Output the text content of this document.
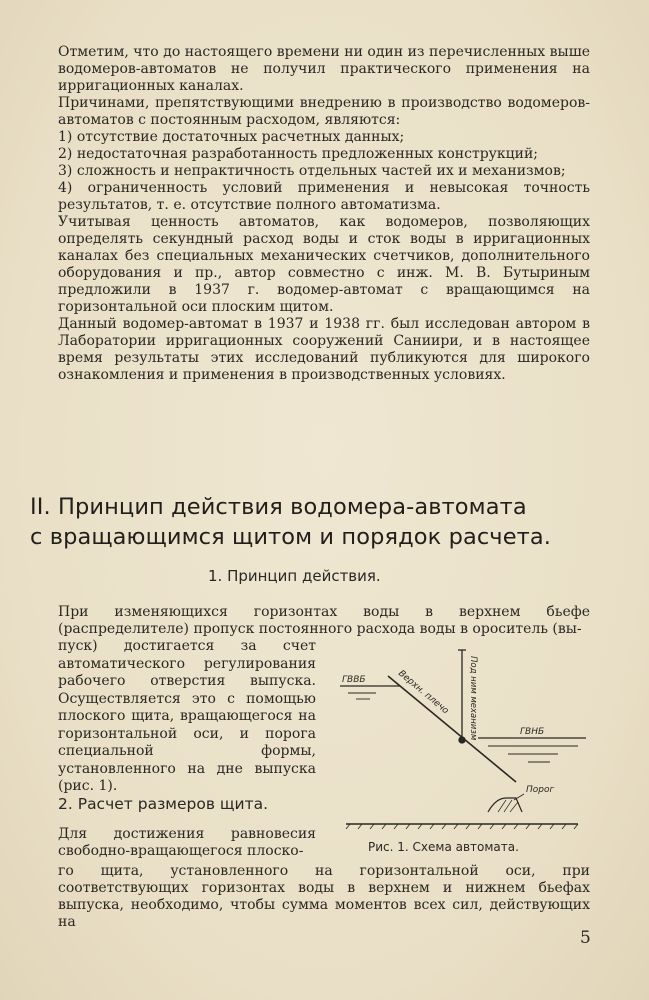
Отметим, что до настоящего времени ни один из перечисленных выше водомеров-автоматов не получил практического применения на ирригационных каналах.

Причинами, препятствующими внедрению в производство водомеров-автоматов с постоянным расходом, являются:

1) отсутствие достаточных расчетных данных;

2) недостаточная разработанность предложенных конструкций;

3) сложность и непрактичность отдельных частей их и механизмов;

4) ограниченность условий применения и невысокая точность результатов, т. е. отсутствие полного автоматизма.

Учитывая ценность автоматов, как водомеров, позволяющих определять секундный расход воды и сток воды в ирригационных каналах без специальных механических счетчиков, дополнительного оборудования и пр., автор совместно с инж. М. В. Бутыриным предложили в 1937 г. водомер-автомат с вращающимся на горизонтальной оси плоским щитом.

Данный водомер-автомат в 1937 и 1938 гг. был исследован автором в Лаборатории ирригационных сооружений Саниири, и в настоящее время результаты этих исследований публикуются для широкого ознакомления и применения в производственных условиях.

II. Принцип действия водомера-автомата
с вращающимся щитом и порядок расчета.
1. Принцип действия.

При изменяющихся горизонтах воды в верхнем бьефе (распределителе) пропуск постоянного расхода воды в ороситель (вы-

пуск) достигается за счет автоматического регулирования рабочего отверстия выпуска. Осуществляется это с помощью плоского щита, вращающегося на горизонтальной оси, и порога специальной формы, установленного на дне выпуска (рис. 1).

ГВВБ
ГВНБ
Верхн. плечо Под ним механизм
Порог
Рис. 1. Схема автомата.
2. Расчет размеров щита.

Для достижения равновесия свободно-вращающегося плоско-

го щита, установленного на горизонтальной оси, при соответствующих горизонтах воды в верхнем и нижнем бьефах выпуска, необходимо, чтобы сумма моментов всех сил, действующих на

5
